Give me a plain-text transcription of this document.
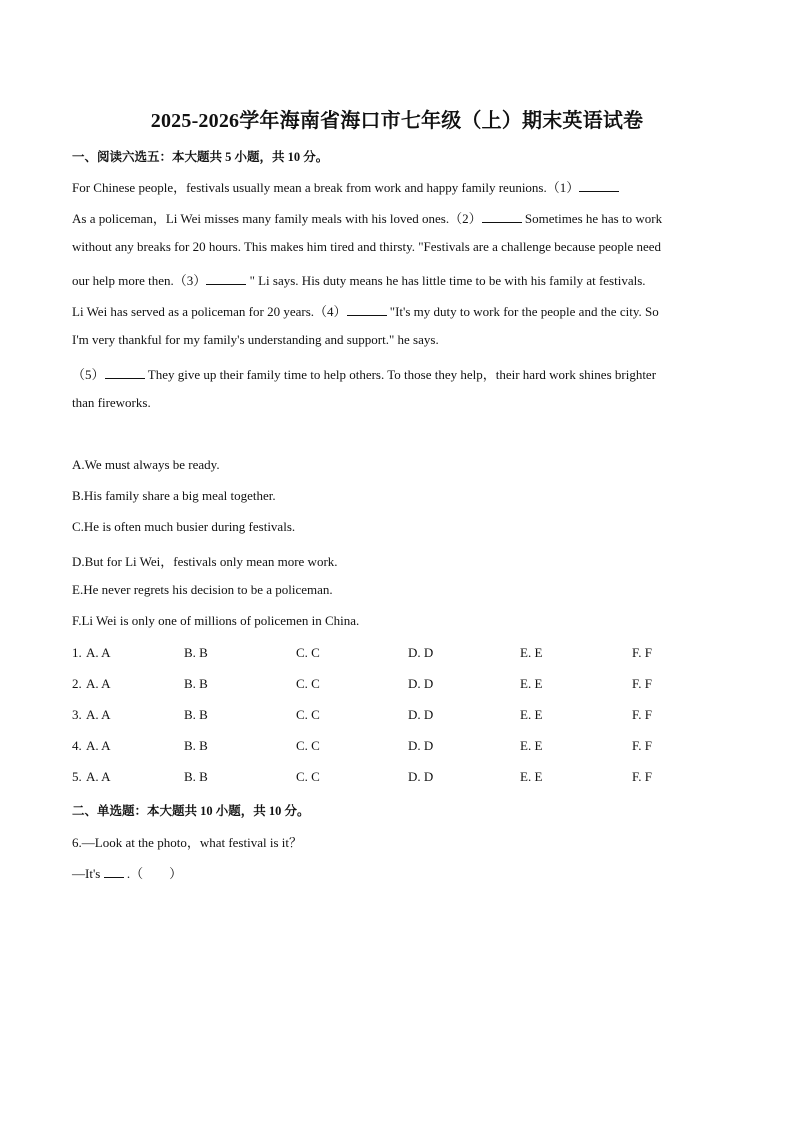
2025-2026学年海南省海口市七年级（上）期末英语试卷
一、阅读六选五：本大题共 5 小题，共 10 分。
For Chinese people，festivals usually mean a break from work and happy family reunions.（1）
As a policeman，Li Wei misses many family meals with his loved ones.（2）	Sometimes he has to work
without any breaks for 20 hours. This makes him tired and thirsty. "Festivals are a challenge because people need
our help more then.（3）	" Li says. His duty means he has little time to be with his family at festivals.
Li Wei has served as a policeman for 20 years.（4）	"It's my duty to work for the people and the city. So
I'm very thankful for my family's understanding and support." he says.
（5）	They give up their family time to help others. To those they help，their hard work shines brighter
than fireworks.
A.We must always be ready.
B.His family share a big meal together.
C.He is often much busier during festivals.
D.But for Li Wei，festivals only mean more work.
E.He never regrets his decision to be a policeman.
F.Li Wei is only one of millions of policemen in China.
1. A. A	B. B	C. C	D. D	E. E	F. F
2. A. A	B. B	C. C	D. D	E. E	F. F
3. A. A	B. B	C. C	D. D	E. E	F. F
4. A. A	B. B	C. C	D. D	E. E	F. F
5. A. A	B. B	C. C	D. D	E. E	F. F
二、单选题：本大题共 10 小题，共 10 分。
6.—Look at the photo，what festival is it？
—It's .（　　）
